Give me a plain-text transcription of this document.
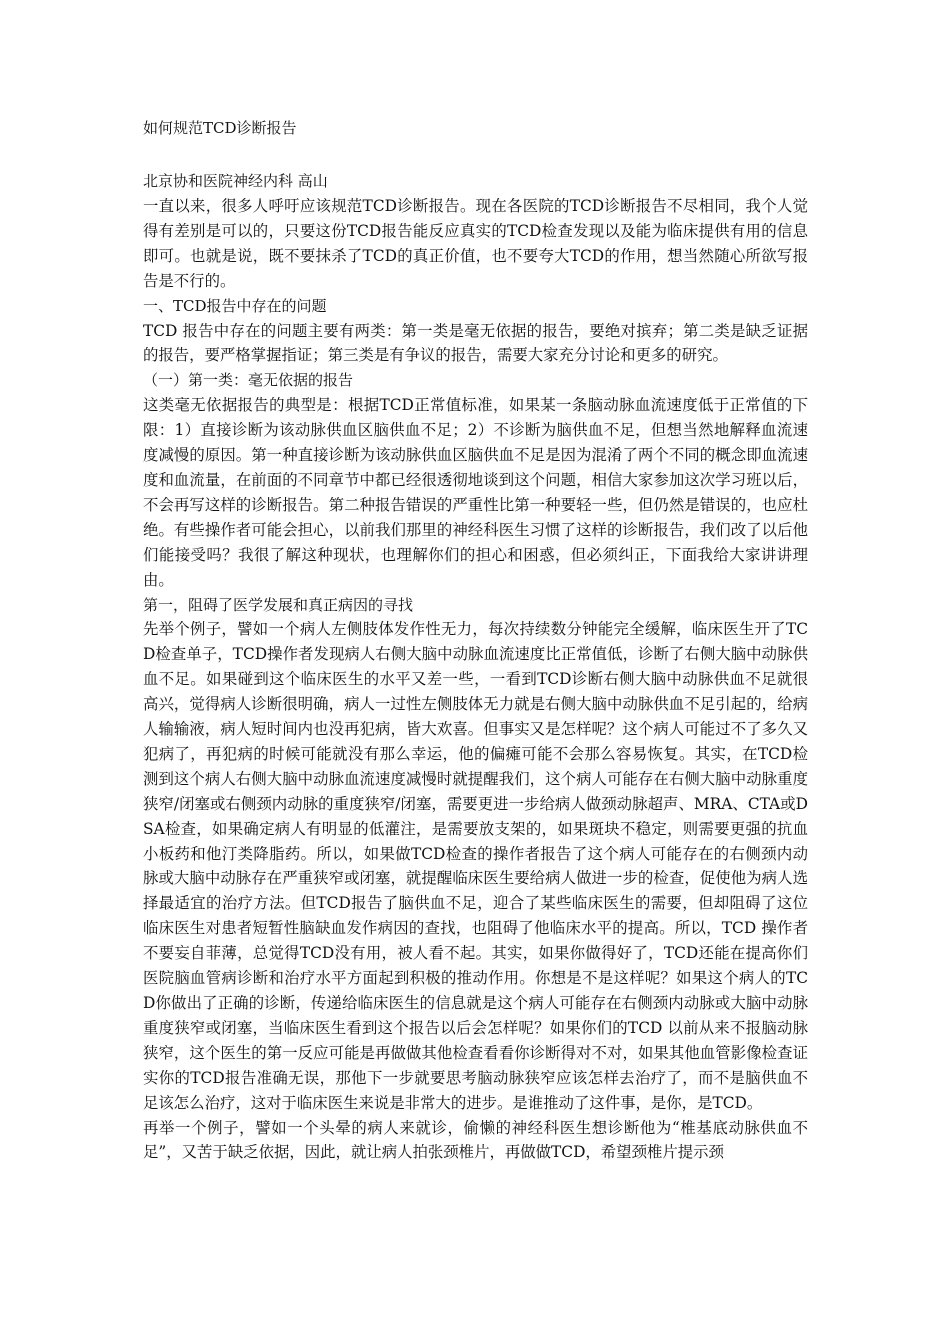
如何规范TCD诊断报告

北京协和医院神经内科 高山

一直以来，很多人呼吁应该规范TCD诊断报告。现在各医院的TCD诊断报告不尽相同，我个人觉得有差别是可以的，只要这份TCD报告能反应真实的TCD检查发现以及能为临床提供有用的信息即可。也就是说，既不要抹杀了TCD的真正价值，也不要夸大TCD的作用，想当然随心所欲写报告是不行的。

一、TCD报告中存在的问题

TCD 报告中存在的问题主要有两类：第一类是毫无依据的报告，要绝对摈弃；第二类是缺乏证据的报告，要严格掌握指证；第三类是有争议的报告，需要大家充分讨论和更多的研究。

（一）第一类：毫无依据的报告

这类毫无依据报告的典型是：根据TCD正常值标准，如果某一条脑动脉血流速度低于正常值的下限：1）直接诊断为该动脉供血区脑供血不足；2）不诊断为脑供血不足，但想当然地解释血流速度减慢的原因。第一种直接诊断为该动脉供血区脑供血不足是因为混淆了两个不同的概念即血流速度和血流量，在前面的不同章节中都已经很透彻地谈到这个问题，相信大家参加这次学习班以后，不会再写这样的诊断报告。第二种报告错误的严重性比第一种要轻一些，但仍然是错误的，也应杜绝。有些操作者可能会担心，以前我们那里的神经科医生习惯了这样的诊断报告，我们改了以后他们能接受吗？我很了解这种现状，也理解你们的担心和困惑，但必须纠正，下面我给大家讲讲理由。

第一，阻碍了医学发展和真正病因的寻找

先举个例子，譬如一个病人左侧肢体发作性无力，每次持续数分钟能完全缓解，临床医生开了TCD检查单子，TCD操作者发现病人右侧大脑中动脉血流速度比正常值低，诊断了右侧大脑中动脉供血不足。如果碰到这个临床医生的水平又差一些，一看到TCD诊断右侧大脑中动脉供血不足就很高兴，觉得病人诊断很明确，病人一过性左侧肢体无力就是右侧大脑中动脉供血不足引起的，给病人输输液，病人短时间内也没再犯病，皆大欢喜。但事实又是怎样呢？这个病人可能过不了多久又犯病了，再犯病的时候可能就没有那么幸运，他的偏瘫可能不会那么容易恢复。其实，在TCD检测到这个病人右侧大脑中动脉血流速度减慢时就提醒我们，这个病人可能存在右侧大脑中动脉重度狭窄/闭塞或右侧颈内动脉的重度狭窄/闭塞，需要更进一步给病人做颈动脉超声、MRA、CTA或DSA检查，如果确定病人有明显的低灌注，是需要放支架的，如果斑块不稳定，则需要更强的抗血小板药和他汀类降脂药。所以，如果做TCD检查的操作者报告了这个病人可能存在的右侧颈内动脉或大脑中动脉存在严重狭窄或闭塞，就提醒临床医生要给病人做进一步的检查，促使他为病人选择最适宜的治疗方法。但TCD报告了脑供血不足，迎合了某些临床医生的需要，但却阻碍了这位临床医生对患者短暂性脑缺血发作病因的查找，也阻碍了他临床水平的提高。所以，TCD 操作者不要妄自菲薄，总觉得TCD没有用，被人看不起。其实，如果你做得好了，TCD还能在提高你们医院脑血管病诊断和治疗水平方面起到积极的推动作用。你想是不是这样呢？如果这个病人的TCD你做出了正确的诊断，传递给临床医生的信息就是这个病人可能存在右侧颈内动脉或大脑中动脉重度狭窄或闭塞，当临床医生看到这个报告以后会怎样呢？如果你们的TCD 以前从来不报脑动脉狭窄，这个医生的第一反应可能是再做做其他检查看看你诊断得对不对，如果其他血管影像检查证实你的TCD报告准确无误，那他下一步就要思考脑动脉狭窄应该怎样去治疗了，而不是脑供血不足该怎么治疗，这对于临床医生来说是非常大的进步。是谁推动了这件事，是你，是TCD。

再举一个例子，譬如一个头晕的病人来就诊，偷懒的神经科医生想诊断他为“椎基底动脉供血不足”，又苦于缺乏依据，因此，就让病人拍张颈椎片，再做做TCD，希望颈椎片提示颈
